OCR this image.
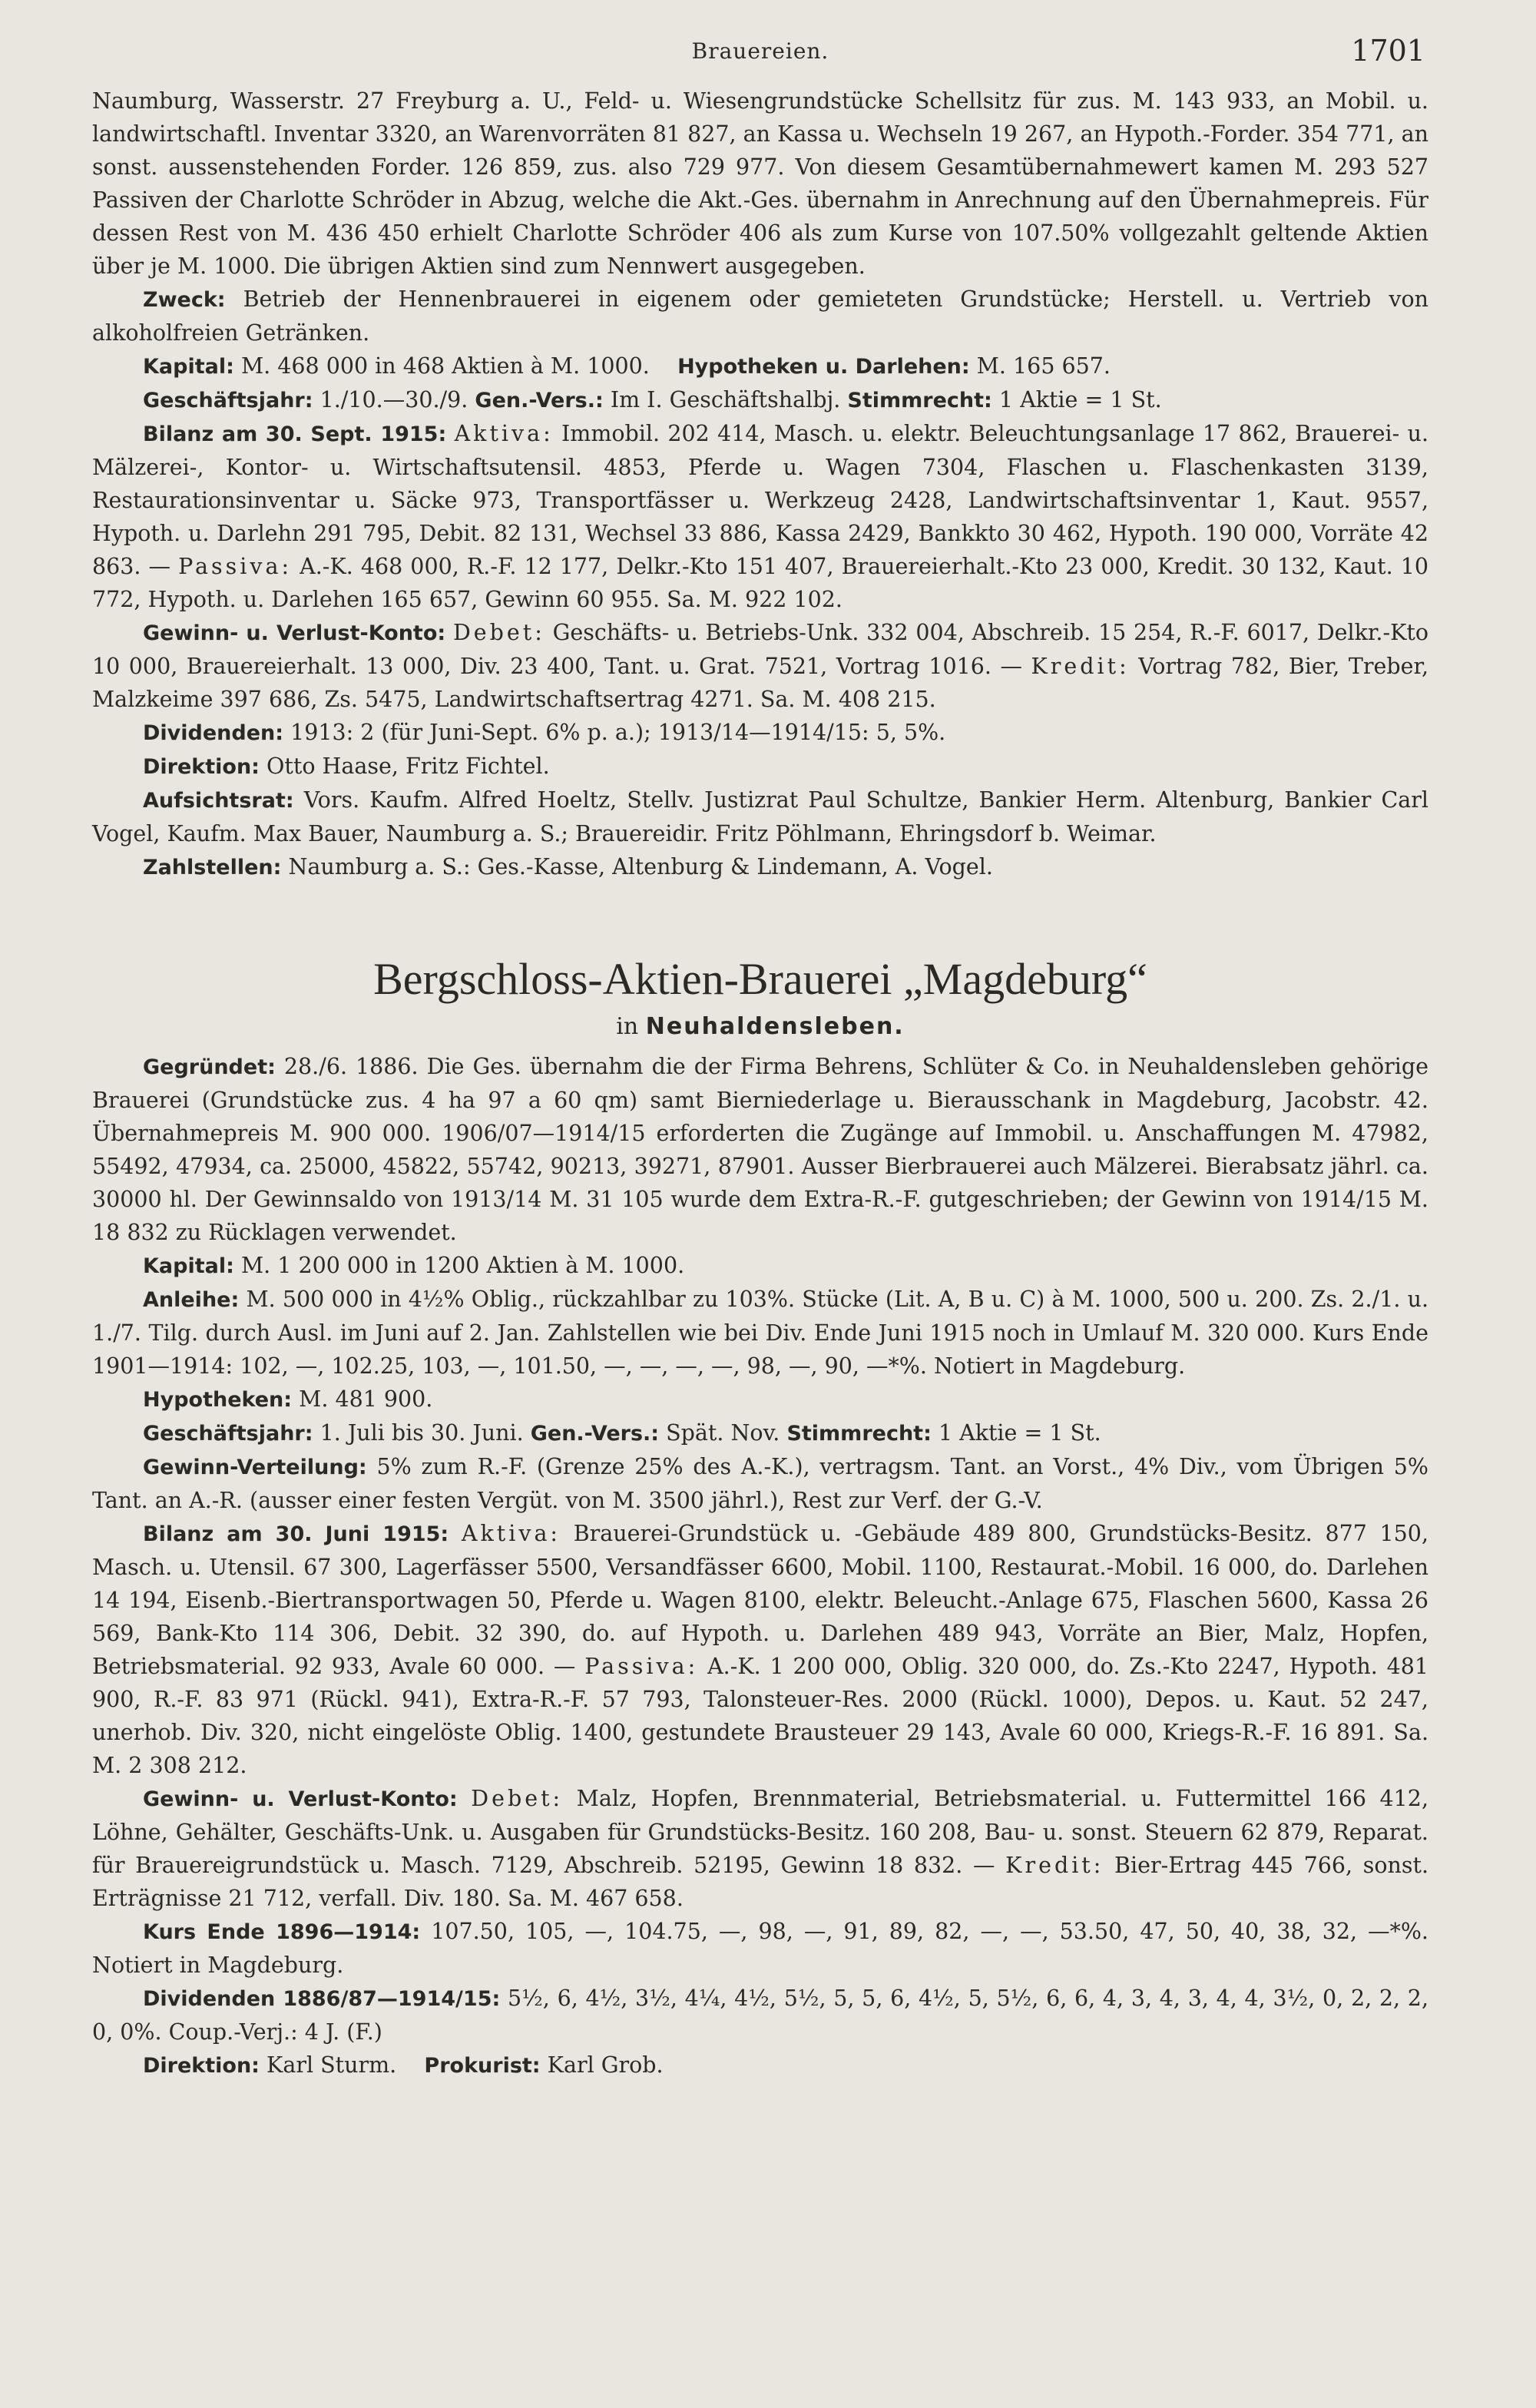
Brauereien.	1701

Naumburg, Wasserstr. 27 Freyburg a. U., Feld- u. Wiesengrundstücke Schellsitz für zus. M. 143 933, an Mobil. u. landwirtschaftl. Inventar 3320, an Warenvorräten 81 827, an Kassa u. Wechseln 19 267, an Hypoth.-Forder. 354 771, an sonst. aussenstehenden Forder. 126 859, zus. also 729 977. Von diesem Gesamtübernahmewert kamen M. 293 527 Passiven der Charlotte Schröder in Abzug, welche die Akt.-Ges. übernahm in Anrechnung auf den Übernahmepreis. Für dessen Rest von M. 436 450 erhielt Charlotte Schröder 406 als zum Kurse von 107.50% vollgezahlt geltende Aktien über je M. 1000. Die übrigen Aktien sind zum Nennwert ausgegeben.

Zweck: Betrieb der Hennenbrauerei in eigenem oder gemieteten Grundstücke; Herstell. u. Vertrieb von alkoholfreien Getränken.

Kapital: M. 468 000 in 468 Aktien à M. 1000. Hypotheken u. Darlehen: M. 165 657.

Geschäftsjahr: 1./10.—30./9. Gen.-Vers.: Im I. Geschäftshalbj. Stimmrecht: 1 Aktie = 1 St.

Bilanz am 30. Sept. 1915: Aktiva: Immobil. 202 414, Masch. u. elektr. Beleuchtungsanlage 17 862, Brauerei- u. Mälzerei-, Kontor- u. Wirtschaftsutensil. 4853, Pferde u. Wagen 7304, Flaschen u. Flaschenkasten 3139, Restaurationsinventar u. Säcke 973, Transportfässer u. Werkzeug 2428, Landwirtschaftsinventar 1, Kaut. 9557, Hypoth. u. Darlehn 291 795, Debit. 82 131, Wechsel 33 886, Kassa 2429, Bankkto 30 462, Hypoth. 190 000, Vorräte 42 863. — Passiva: A.-K. 468 000, R.-F. 12 177, Delkr.-Kto 151 407, Brauereierhalt.-Kto 23 000, Kredit. 30 132, Kaut. 10 772, Hypoth. u. Darlehen 165 657, Gewinn 60 955. Sa. M. 922 102.

Gewinn- u. Verlust-Konto: Debet: Geschäfts- u. Betriebs-Unk. 332 004, Abschreib. 15 254, R.-F. 6017, Delkr.-Kto 10 000, Brauereierhalt. 13 000, Div. 23 400, Tant. u. Grat. 7521, Vortrag 1016. — Kredit: Vortrag 782, Bier, Treber, Malzkeime 397 686, Zs. 5475, Landwirtschaftsertrag 4271. Sa. M. 408 215.

Dividenden: 1913: 2 (für Juni-Sept. 6% p. a.); 1913/14—1914/15: 5, 5%.

Direktion: Otto Haase, Fritz Fichtel.

Aufsichtsrat: Vors. Kaufm. Alfred Hoeltz, Stellv. Justizrat Paul Schultze, Bankier Herm. Altenburg, Bankier Carl Vogel, Kaufm. Max Bauer, Naumburg a. S.; Brauereidir. Fritz Pöhlmann, Ehringsdorf b. Weimar.

Zahlstellen: Naumburg a. S.: Ges.-Kasse, Altenburg & Lindemann, A. Vogel.

Bergschloss-Aktien-Brauerei „Magdeburg“
in Neuhaldensleben.

Gegründet: 28./6. 1886. Die Ges. übernahm die der Firma Behrens, Schlüter & Co. in Neuhaldensleben gehörige Brauerei (Grundstücke zus. 4 ha 97 a 60 qm) samt Bierniederlage u. Bierausschank in Magdeburg, Jacobstr. 42. Übernahmepreis M. 900 000. 1906/07—1914/15 erforderten die Zugänge auf Immobil. u. Anschaffungen M. 47982, 55492, 47934, ca. 25000, 45822, 55742, 90213, 39271, 87901. Ausser Bierbrauerei auch Mälzerei. Bierabsatz jährl. ca. 30000 hl. Der Gewinnsaldo von 1913/14 M. 31 105 wurde dem Extra-R.-F. gutgeschrieben; der Gewinn von 1914/15 M. 18 832 zu Rücklagen verwendet.

Kapital: M. 1 200 000 in 1200 Aktien à M. 1000.

Anleihe: M. 500 000 in 4½% Oblig., rückzahlbar zu 103%. Stücke (Lit. A, B u. C) à M. 1000, 500 u. 200. Zs. 2./1. u. 1./7. Tilg. durch Ausl. im Juni auf 2. Jan. Zahlstellen wie bei Div. Ende Juni 1915 noch in Umlauf M. 320 000. Kurs Ende 1901—1914: 102, —, 102.25, 103, —, 101.50, —, —, —, —, 98, —, 90, —*%. Notiert in Magdeburg.

Hypotheken: M. 481 900.

Geschäftsjahr: 1. Juli bis 30. Juni. Gen.-Vers.: Spät. Nov. Stimmrecht: 1 Aktie = 1 St.

Gewinn-Verteilung: 5% zum R.-F. (Grenze 25% des A.-K.), vertragsm. Tant. an Vorst., 4% Div., vom Übrigen 5% Tant. an A.-R. (ausser einer festen Vergüt. von M. 3500 jährl.), Rest zur Verf. der G.-V.

Bilanz am 30. Juni 1915: Aktiva: Brauerei-Grundstück u. -Gebäude 489 800, Grundstücks-Besitz. 877 150, Masch. u. Utensil. 67 300, Lagerfässer 5500, Versandfässer 6600, Mobil. 1100, Restaurat.-Mobil. 16 000, do. Darlehen 14 194, Eisenb.-Biertransportwagen 50, Pferde u. Wagen 8100, elektr. Beleucht.-Anlage 675, Flaschen 5600, Kassa 26 569, Bank-Kto 114 306, Debit. 32 390, do. auf Hypoth. u. Darlehen 489 943, Vorräte an Bier, Malz, Hopfen, Betriebsmaterial. 92 933, Avale 60 000. — Passiva: A.-K. 1 200 000, Oblig. 320 000, do. Zs.-Kto 2247, Hypoth. 481 900, R.-F. 83 971 (Rückl. 941), Extra-R.-F. 57 793, Talonsteuer-Res. 2000 (Rückl. 1000), Depos. u. Kaut. 52 247, unerhob. Div. 320, nicht eingelöste Oblig. 1400, gestundete Brausteuer 29 143, Avale 60 000, Kriegs-R.-F. 16 891. Sa. M. 2 308 212.

Gewinn- u. Verlust-Konto: Debet: Malz, Hopfen, Brennmaterial, Betriebsmaterial. u. Futtermittel 166 412, Löhne, Gehälter, Geschäfts-Unk. u. Ausgaben für Grundstücks-Besitz. 160 208, Bau- u. sonst. Steuern 62 879, Reparat. für Brauereigrundstück u. Masch. 7129, Abschreib. 52195, Gewinn 18 832. — Kredit: Bier-Ertrag 445 766, sonst. Erträgnisse 21 712, verfall. Div. 180. Sa. M. 467 658.

Kurs Ende 1896—1914: 107.50, 105, —, 104.75, —, 98, —, 91, 89, 82, —, —, 53.50, 47, 50, 40, 38, 32, —*%. Notiert in Magdeburg.

Dividenden 1886/87—1914/15: 5½, 6, 4½, 3½, 4¼, 4½, 5½, 5, 5, 6, 4½, 5, 5½, 6, 6, 4, 3, 4, 3, 4, 4, 3½, 0, 2, 2, 2, 0, 0%. Coup.-Verj.: 4 J. (F.)

Direktion: Karl Sturm. Prokurist: Karl Grob.
